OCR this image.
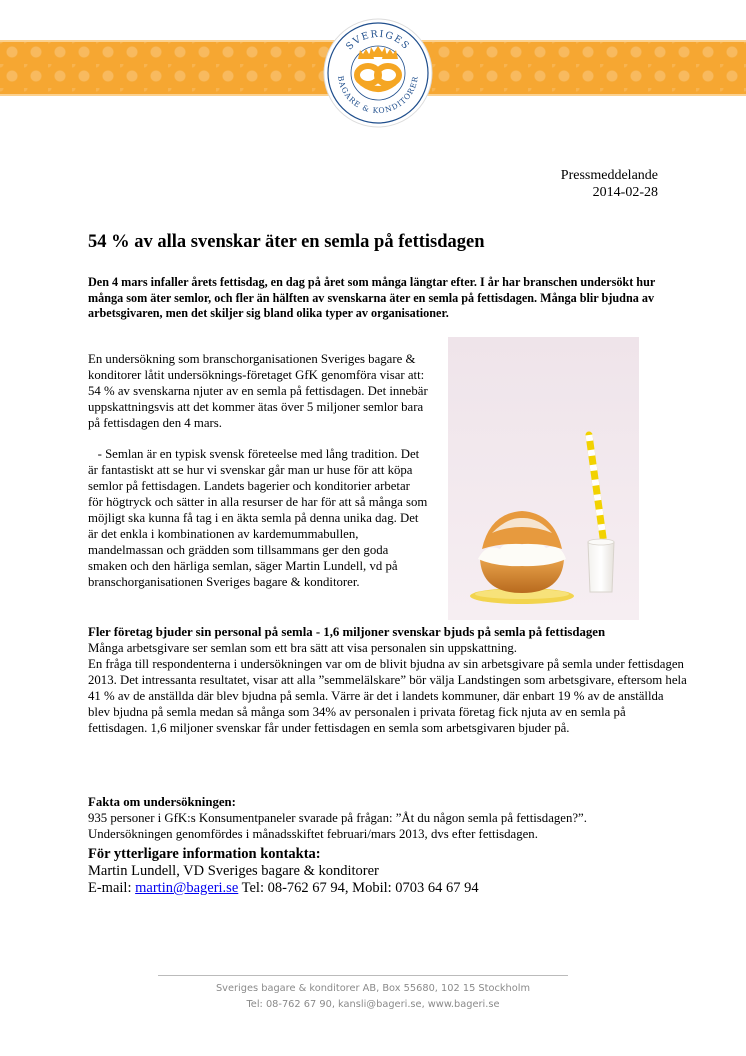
SVERIGES
BAGARE & KONDITORER
Pressmeddelande
2014-02-28
54 % av alla svenskar äter en semla på fettisdagen

Den 4 mars infaller årets fettisdag, en dag på året som många längtar efter. I år har branschen undersökt hur många som äter semlor, och fler än hälften av svenskarna äter en semla på fettisdagen. Många blir bjudna av arbetsgivaren, men det skiljer sig bland olika typer av organisationer.

En undersökning som branschorganisationen Sveriges bagare & konditorer låtit undersöknings-företaget GfK genomföra visar att: 54 % av svenskarna njuter av en semla på fettisdagen. Det innebär uppskattningsvis att det kommer ätas över 5 miljoner semlor bara på fettisdagen den 4 mars.

- Semlan är en typisk svensk företeelse med lång tradition. Det är fantastiskt att se hur vi svenskar går man ur huse för att köpa semlor på fettisdagen. Landets bagerier och konditorier arbetar för högtryck och sätter in alla resurser de har för att så många som möjligt ska kunna få tag i en äkta semla på denna unika dag. Det är det enkla i kombinationen av kardemummabullen, mandelmassan och grädden som tillsammans ger den goda smaken och den härliga semlan, säger Martin Lundell, vd på branschorganisationen Sveriges bagare & konditorer.

Fler företag bjuder sin personal på semla - 1,6 miljoner svenskar bjuds på semla på fettisdagen

Många arbetsgivare ser semlan som ett bra sätt att visa personalen sin uppskattning.

En fråga till respondenterna i undersökningen var om de blivit bjudna av sin arbetsgivare på semla under fettisdagen 2013. Det intressanta resultatet, visar att alla ”semmelälskare” bör välja Landstingen som arbetsgivare, eftersom hela 41 % av de anställda där blev bjudna på semla. Värre är det i landets kommuner, där enbart 19 % av de anställda blev bjudna på semla medan så många som 34% av personalen i privata företag fick njuta av en semla på fettisdagen. 1,6 miljoner svenskar får under fettisdagen en semla som arbetsgivaren bjuder på.

Fakta om undersökningen:

935 personer i GfK:s Konsumentpaneler svarade på frågan: ”Åt du någon semla på fettisdagen?”.

Undersökningen genomfördes i månadsskiftet februari/mars 2013, dvs efter fettisdagen.

För ytterligare information kontakta:

Martin Lundell, VD Sveriges bagare & konditorer

E-mail: martin@bageri.se Tel: 08-762 67 94, Mobil: 0703 64 67 94

Sveriges bagare & konditorer AB, Box 55680, 102 15 Stockholm

Tel: 08-762 67 90, kansli@bageri.se, www.bageri.se
